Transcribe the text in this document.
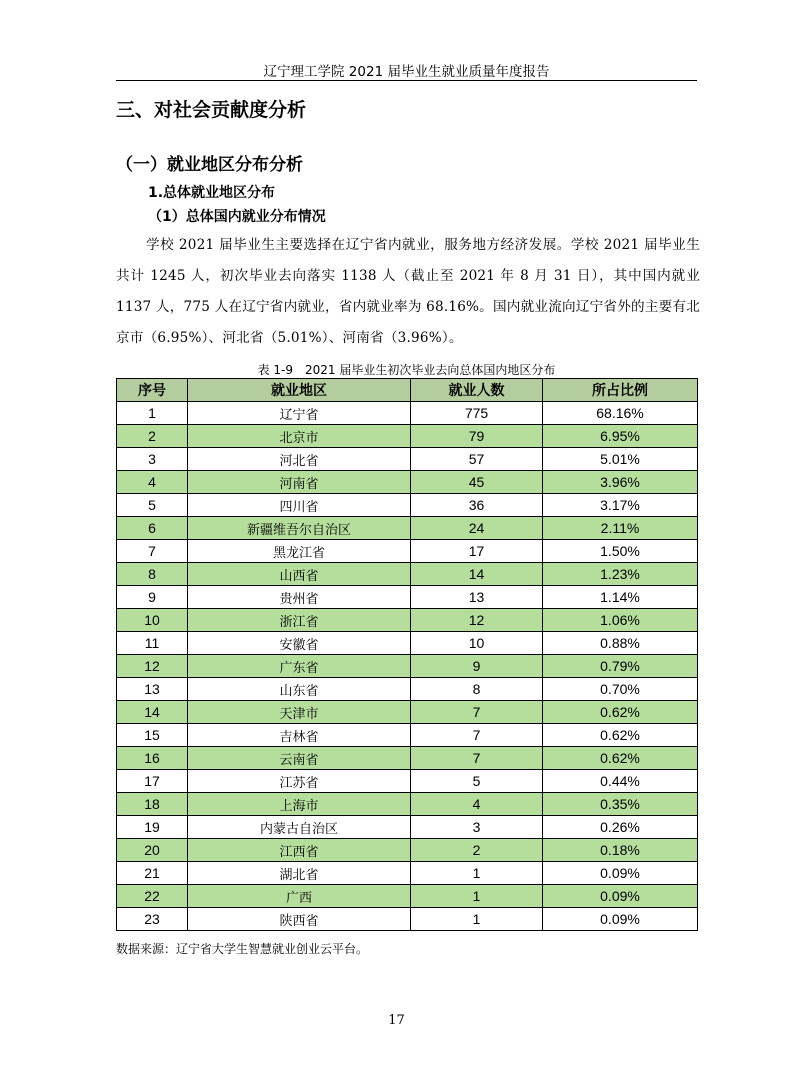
辽宁理工学院 2021 届毕业生就业质量年度报告
三、对社会贡献度分析
（一）就业地区分布分析
1.总体就业地区分布
（1）总体国内就业分布情况
学校 2021 届毕业生主要选择在辽宁省内就业，服务地方经济发展。学校 2021 届毕业生共计 1245 人，初次毕业去向落实 1138 人（截止至 2021 年 8 月 31 日），其中国内就业 1137 人，775 人在辽宁省内就业，省内就业率为 68.16%。国内就业流向辽宁省外的主要有北京市（6.95%）、河北省（5.01%）、河南省（3.96%）。
表 1-9　2021 届毕业生初次毕业去向总体国内地区分布
序号	就业地区	就业人数	所占比例
1	辽宁省	775	68.16%
2	北京市	79	6.95%
3	河北省	57	5.01%
4	河南省	45	3.96%
5	四川省	36	3.17%
6	新疆维吾尔自治区	24	2.11%
7	黑龙江省	17	1.50%
8	山西省	14	1.23%
9	贵州省	13	1.14%
10	浙江省	12	1.06%
11	安徽省	10	0.88%
12	广东省	9	0.79%
13	山东省	8	0.70%
14	天津市	7	0.62%
15	吉林省	7	0.62%
16	云南省	7	0.62%
17	江苏省	5	0.44%
18	上海市	4	0.35%
19	内蒙古自治区	3	0.26%
20	江西省	2	0.18%
21	湖北省	1	0.09%
22	广西	1	0.09%
23	陕西省	1	0.09%
数据来源：辽宁省大学生智慧就业创业云平台。
17
